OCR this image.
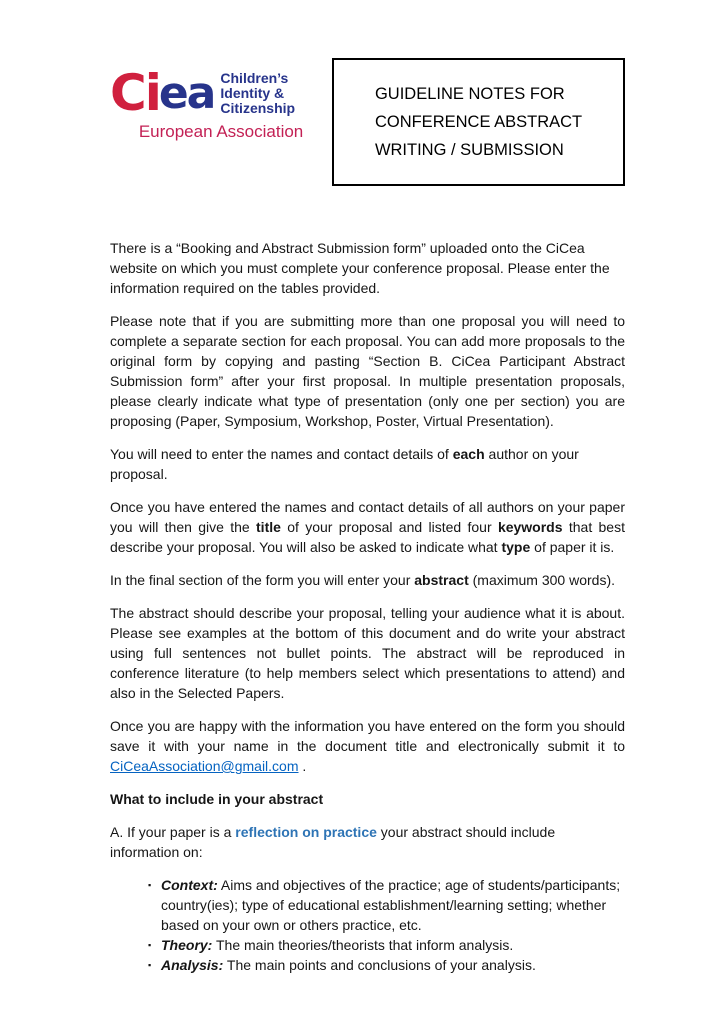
Ci ea Children’s
Identity &
Citizenship
European Association
GUIDELINE NOTES FOR
CONFERENCE ABSTRACT
WRITING / SUBMISSION

There is a “Booking and Abstract Submission form” uploaded onto the CiCea website on which you must complete your conference proposal. Please enter the information required on the tables provided.

Please note that if you are submitting more than one proposal you will need to complete a separate section for each proposal. You can add more proposals to the original form by copying and pasting “Section B. CiCea Participant Abstract Submission form” after your first proposal. In multiple presentation proposals, please clearly indicate what type of presentation (only one per section) you are proposing (Paper, Symposium, Workshop, Poster, Virtual Presentation).

You will need to enter the names and contact details of each author on your proposal.

Once you have entered the names and contact details of all authors on your paper you will then give the title of your proposal and listed four keywords that best describe your proposal. You will also be asked to indicate what type of paper it is.

In the final section of the form you will enter your abstract (maximum 300 words).

The abstract should describe your proposal, telling your audience what it is about. Please see examples at the bottom of this document and do write your abstract using full sentences not bullet points. The abstract will be reproduced in conference literature (to help members select which presentations to attend) and also in the Selected Papers.

Once you are happy with the information you have entered on the form you should save it with your name in the document title and electronically submit it to CiCeaAssociation@gmail.com .

What to include in your abstract

A. If your paper is a reflection on practice your abstract should include information on:

▪ Context: Aims and objectives of the practice; age of students/participants; country(ies); type of educational establishment/learning setting; whether based on your own or others practice, etc.
▪ Theory: The main theories/theorists that inform analysis.
▪ Analysis: The main points and conclusions of your analysis.
